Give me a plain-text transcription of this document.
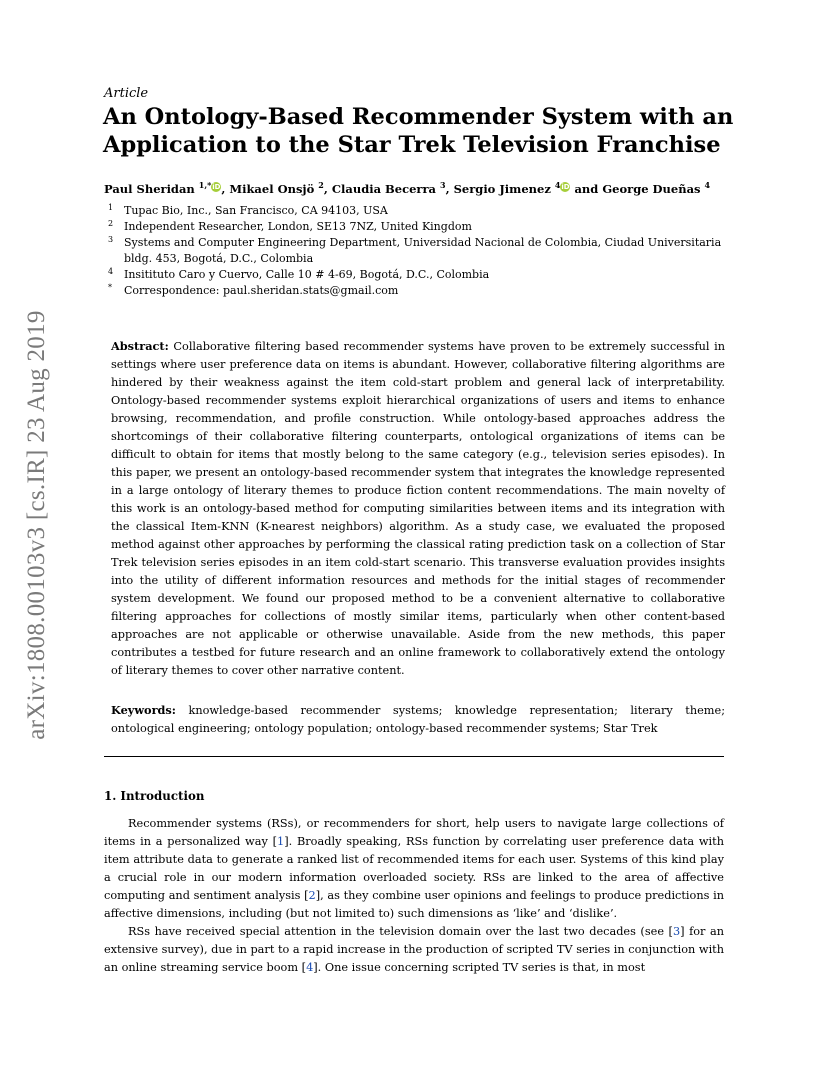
arXiv:1808.00103v3 [cs.IR] 23 Aug 2019
Article
An Ontology-Based Recommender System with an Application to the Star Trek Television Franchise
Paul Sheridan $^{1,*}$iD, Mikael Onsjö $^2$, Claudia Becerra $^3$, Sergio Jimenez $^4$iD and George Dueñas $^4$
1 Tupac Bio, Inc., San Francisco, CA 94103, USA
2 Independent Researcher, London, SE13 7NZ, United Kingdom
3 Systems and Computer Engineering Department, Universidad Nacional de Colombia, Ciudad Universitaria bldg. 453, Bogotá, D.C., Colombia
4 Insitituto Caro y Cuervo, Calle 10 # 4-69, Bogotá, D.C., Colombia
* Correspondence: paul.sheridan.stats@gmail.com

Abstract: Collaborative filtering based recommender systems have proven to be extremely successful in settings where user preference data on items is abundant. However, collaborative filtering algorithms are hindered by their weakness against the item cold-start problem and general lack of interpretability. Ontology-based recommender systems exploit hierarchical organizations of users and items to enhance browsing, recommendation, and profile construction. While ontology-based approaches address the shortcomings of their collaborative filtering counterparts, ontological organizations of items can be difficult to obtain for items that mostly belong to the same category (e.g., television series episodes). In this paper, we present an ontology-based recommender system that integrates the knowledge represented in a large ontology of literary themes to produce fiction content recommendations. The main novelty of this work is an ontology-based method for computing similarities between items and its integration with the classical Item-KNN (K-nearest neighbors) algorithm. As a study case, we evaluated the proposed method against other approaches by performing the classical rating prediction task on a collection of Star Trek television series episodes in an item cold-start scenario. This transverse evaluation provides insights into the utility of different information resources and methods for the initial stages of recommender system development. We found our proposed method to be a convenient alternative to collaborative filtering approaches for collections of mostly similar items, particularly when other content-based approaches are not applicable or otherwise unavailable. Aside from the new methods, this paper contributes a testbed for future research and an online framework to collaboratively extend the ontology of literary themes to cover other narrative content.

Keywords: knowledge-based recommender systems; knowledge representation; literary theme; ontological engineering; ontology population; ontology-based recommender systems; Star Trek

1. Introduction

Recommender systems (RSs), or recommenders for short, help users to navigate large collections of items in a personalized way [1]. Broadly speaking, RSs function by correlating user preference data with item attribute data to generate a ranked list of recommended items for each user. Systems of this kind play a crucial role in our modern information overloaded society. RSs are linked to the area of affective computing and sentiment analysis [2], as they combine user opinions and feelings to produce predictions in affective dimensions, including (but not limited to) such dimensions as ‘like’ and ‘dislike’.

RSs have received special attention in the television domain over the last two decades (see [3] for an extensive survey), due in part to a rapid increase in the production of scripted TV series in conjunction with an online streaming service boom [4]. One issue concerning scripted TV series is that, in most
